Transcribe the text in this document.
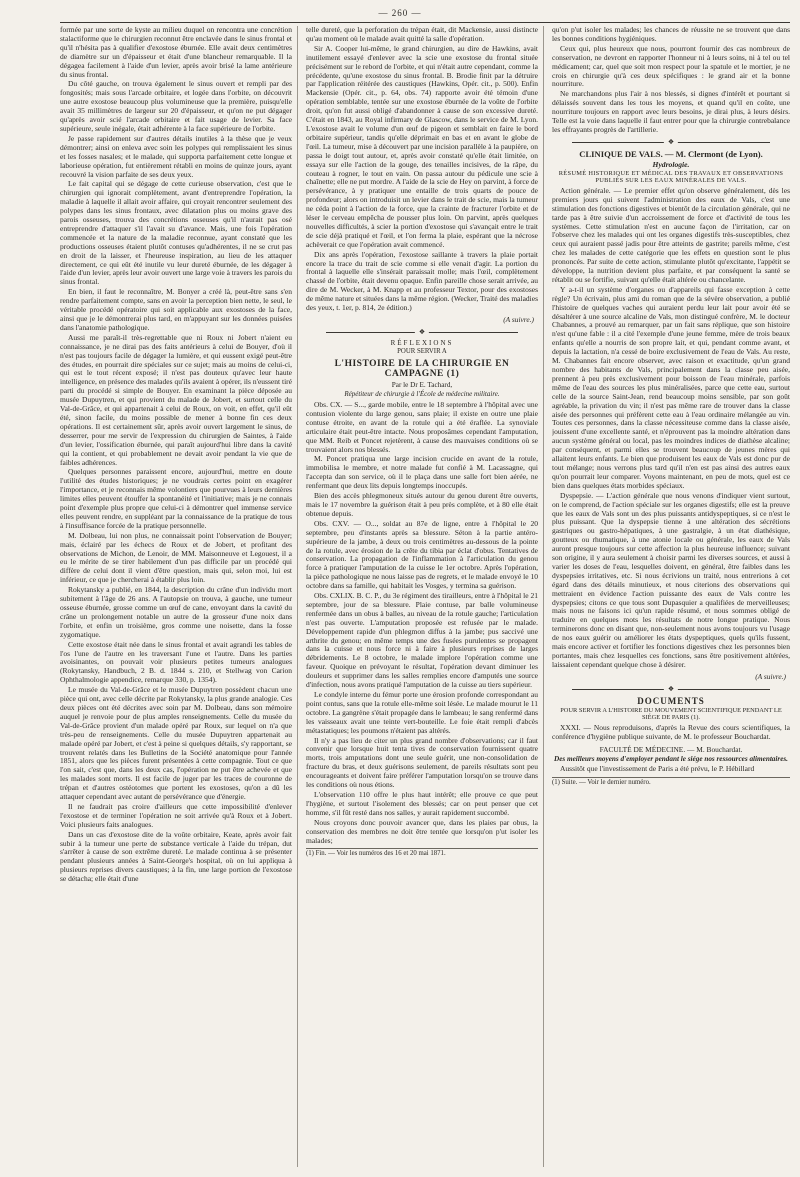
— 260 —

formée par une sorte de kyste au milieu duquel on rencontra une concrétion stalactiforme que le chirurgien reconnut être enclavée dans le sinus frontal et qu'il n'hésita pas à qualifier d'exostose éburnée. Elle avait deux centimètres de diamètre sur un d'épaisseur et était d'une blancheur remarquable. Il la dégagea facilement à l'aide d'un levier, après avoir brisé la lame antérieure du sinus frontal.

Du côté gauche, on trouva également le sinus ouvert et rempli par des fongosités; mais sous l'arcade orbitaire, et logée dans l'orbite, on découvrit une autre exostose beaucoup plus volumineuse que la première, puisqu'elle avait 35 millimètres de largeur sur 20 d'épaisseur, et qu'on ne put dégager qu'après avoir scié l'arcade orbitaire et fait usage de levier. Sa face supérieure, seule inégale, était adhérente à la face supérieure de l'orbite.

Je passe rapidement sur d'autres détails inutiles à la thèse que je veux démontrer; ainsi on enleva avec soin les polypes qui remplissaient les sinus et les fosses nasales; et le malade, qui supporta parfaitement cette longue et laborieuse opération, fut entièrement rétabli en moins de quinze jours, ayant recouvré la vision parfaite de ses deux yeux.

Le fait capital qui se dégage de cette curieuse observation, c'est que le chirurgien qui ignorait complètement, avant d'entreprendre l'opération, la maladie à laquelle il allait avoir affaire, qui croyait rencontrer seulement des polypes dans les sinus frontaux, avec dilatation plus ou moins grave des parois osseuses, trouva des concrétions osseuses qu'il n'aurait pas osé entreprendre d'attaquer s'il l'avait su d'avance. Mais, une fois l'opération commencée et la nature de la maladie reconnue, ayant constaté que les productions osseuses étaient plutôt contuses qu'adhérentes, il ne se crut pas en droit de la laisser, et l'heureuse inspiration, au lieu de les attaquer directement, ce qui eût été inutile vu leur dureté éburnée, de les dégager à l'aide d'un levier, après leur avoir ouvert une large voie à travers les parois du sinus frontal.

En bien, il faut le reconnaître, M. Bonyer a créé là, peut-être sans s'en rendre parfaitement compte, sans en avoir la perception bien nette, le seul, le véritable procédé opératoire qui soit applicable aux exostoses de la face, ainsi que je le démontrerai plus tard, en m'appuyant sur les données puisées dans l'anatomie pathologique.

Aussi me paraît-il très-regrettable que ni Roux ni Jobert n'aient eu connaissance, je ne dirai pas des faits antérieurs à celui de Bouyer, d'où il n'est pas toujours facile de dégager la lumière, et qui eussent exigé peut-être des études, en pourrait dire spéciales sur ce sujet; mais au moins de celui-ci, qui est le tout récent exposé; il n'est pas douteux qu'avec leur haute intelligence, en présence des malades qu'ils avaient à opérer, ils n'eussent tiré parti du procédé si simple de Bouyer. En examinant la pièce déposée au musée Dupuytren, et qui provient du malade de Jobert, et surtout celle du Val-de-Grâce, et qui appartenait à celui de Roux, on voit, en effet, qu'il eût été, sinon facile, du moins possible de mener à bonne fin ces deux opérations. Il est certainement sûr, après avoir ouvert largement le sinus, de desserrer, pour me servir de l'expression du chirurgien de Saintes, à l'aide d'un levier, l'ossification éburnée, qui paraît aujourd'hui libre dans la cavité qui la contient, et qui probablement ne devait avoir pendant la vie que de faibles adhérences.

Quelques personnes paraissent encore, aujourd'hui, mettre en doute l'utilité des études historiques; je ne voudrais certes point en exagérer l'importance, et je reconnais même volontiers que pourvues à leurs dernières limites elles peuvent étouffer la spontanéité et l'initiative; mais je ne connais point d'exemple plus propre que celui-ci à démontrer quel immense service elles peuvent rendre, en suppléant par la connaissance de la pratique de tous à l'insuffisance forcée de la pratique personnelle.

M. Dolbeau, lui non plus, ne connaissait point l'observation de Bouyer; mais, éclairé par les échecs de Roux et de Jobert, et profitant des observations de Michon, de Lenoir, de MM. Maisonneuve et Legouest, il a eu le mérite de se tirer habilement d'un pas difficile par un procédé qui diffère de celui dont il vient d'être question, mais qui, selon moi, lui est inférieur, ce que je chercherai à établir plus loin.

Rokytansky a publié, en 1844, la description du crâne d'un individu mort subitement à l'âge de 26 ans. A l'autopsie on trouva, à gauche, une tumeur osseuse éburnée, grosse comme un œuf de cane, envoyant dans la cavité du crâne un prolongement notable un autre de la grosseur d'une noix dans l'orbite, et enfin un troisième, gros comme une noisette, dans la fosse zygomatique.

Cette exostose était née dans le sinus frontal et avait agrandi les tables de l'os l'une de l'autre en les traversant l'une et l'autre. Dans les parties avoisinantes, on pouvait voir plusieurs petites tumeurs analogues (Rokytansky, Handbuch, 2 B. d. 1844 s. 210, et Stellwag von Carion Ophthalmologie appendice, remarque 330, p. 1354).

Le musée du Val-de-Grâce et le musée Dupuytren possèdent chacun une pièce qui ont, avec celle décrite par Rokytansky, la plus grande analogie. Ces deux pièces ont été décrites avec soin par M. Dolbeau, dans son mémoire auquel je renvoie pour de plus amples renseignements. Celle du musée du Val-de-Grâce provient d'un malade opéré par Roux, sur lequel on n'a que très-peu de renseignements. Celle du musée Dupuytren appartenait au malade opéré par Jobert, et c'est à peine si quelques détails, s'y rapportant, se trouvent relatés dans les Bulletins de la Société anatomique pour l'année 1851, alors que les pièces furent présentées à cette compagnie. Tout ce que l'on sait, c'est que, dans les deux cas, l'opération ne put être achevée et que les malades sont morts. Il est facile de juger par les traces de couronne de trépan et d'autres ostéotomes que portent les exostoses, qu'on a dû les attaquer cependant avec autant de persévérance que d'énergie.

Il ne faudrait pas croire d'ailleurs que cette impossibilité d'enlever l'exostose et de terminer l'opération ne soit arrivée qu'à Roux et à Jobert. Voici plusieurs faits analogues.

Dans un cas d'exostose dite de la voûte orbitaire, Keate, après avoir fait subir à la tumeur une perte de substance verticale à l'aide du trépan, dut s'arrêter à cause de son extrême dureté. Le malade continua à se présenter pendant plusieurs années à Saint-George's hospital, où on lui appliqua à plusieurs reprises divers caustiques; à la fin, une large portion de l'exostose se détacha; elle était d'une

telle dureté, que la perforation du trépan était, dit Mackensie, aussi distincte qu'au moment où le malade avait quitté la salle d'opération.

Sir A. Cooper lui-même, le grand chirurgien, au dire de Hawkins, avait inutilement essayé d'enlever avec la scie une exostose du frontal située précisément sur le rebord de l'orbite, et qui n'était autre cependant, comme la précédente, qu'une exostose du sinus frontal. B. Brodie finit par la détruire par l'application réitérée des caustiques (Hawkins, Opér. cit., p. 500). Enfin Mackensie (Opér. cit., p. 64, obs. 74) rapporte avoir été témoin d'une opération semblable, tentée sur une exostose éburnée de la voûte de l'orbite droit, qu'on fut aussi obligé d'abandonner à cause de son excessive dureté. C'était en 1843, au Royal infirmary de Glascow, dans le service de M. Lyon. L'exostose avait le volume d'un œuf de pigeon et semblait en faire le bord orbitaire supérieur, tandis qu'elle déprimait en bas et en avant le globe de l'œil. La tumeur, mise à découvert par une incision parallèle à la paupière, on passa le doigt tout autour, et, après avoir constaté qu'elle était limitée, on essaya sur elle l'action de la gouge, des tenailles incisives, de la râpe, du couteau à rogner, le tout en vain. On passa autour du pédicule une scie à chaînette; elle ne put mordre. A l'aide de la scie de Hey on parvint, à force de persévérance, à y pratiquer une entaille de trois quarts de pouce de profondeur; alors on introduisit un levier dans le trait de scie, mais la tumeur ne céda point à l'action de la force, que la crainte de fracturer l'orbite et de léser le cerveau empêcha de pousser plus loin. On parvint, après quelques nouvelles difficultés, à scier la portion d'exostose qui s'avançait entre le trait de scie déjà pratiqué et l'œil, et l'on ferma la plaie, espérant que la nécrose achèverait ce que l'opération avait commencé.

Dix ans après l'opération, l'exostose saillante à travers la plaie portait encore la trace du trait de scie comme si elle venait d'agir. La portion du frontal à laquelle elle s'insérait paraissait molle; mais l'œil, complètement chassé de l'orbite, était devenu opaque. Enfin pareille chose serait arrivée, au dire de M. Wecker, à M. Knapp et au professeur Textor, pour des exostoses de même nature et situées dans la même région. (Wecker, Traité des maladies des yeux, t. 1er, p. 814, 2e édition.)

(A suivre.)
❖
RÉFLEXIONS
POUR SERVIR A
L'HISTOIRE DE LA CHIRURGIE EN CAMPAGNE (1)
Par le Dr E. Tachard,
Répétiteur de chirurgie à l'École de médecine militaire.

Obs. CX. — S..., garde mobile, entre le 18 septembre à l'hôpital avec une contusion violente du large genou, sans plaie; il existe en outre une plaie contuse étroite, en avant de la rotule qui a été éraflée. La synoviale articulaire était peut-être intacte. Nous proposâmes cependant l'amputation, que MM. Reib et Poncet rejetèrent, à cause des mauvaises conditions où se trouvaient alors nos blessés.

M. Poncet pratiqua une large incision crucide en avant de la rotule, immobilisa le membre, et notre malade fut confié à M. Lacassagne, qui l'accepta dan son service, où il le plaça dans une salle fort bien aérée, ne renfermant que deux lits depuis longtemps inoccupés.

Bien des accès phlegmoneux situés autour du genou durent être ouverts, mais le 17 novembre la guérison était à peu près complète, et à 80 elle était obtenue depuis.

Obs. CXV. — O..., soldat au 87e de ligne, entre à l'hôpital le 20 septembre, peu d'instants après sa blessure. Séton à la partie antéro-supérieure de la jambe, à deux ou trois centimètres au-dessous de la pointe de la rotule, avec érosion de la crête du tibia par éclat d'obus. Tentatives de conservation. La propagation de l'inflammation à l'articulation du genou force à pratiquer l'amputation de la cuisse le 1er octobre. Après l'opération, la pièce pathologique ne nous laisse pas de regrets, et le malade envoyé le 10 octobre dans sa famille, qui habitait les Vosges, y termina sa guérison.

Obs. CXLIX. B. C. P., du 3e régiment des tirailleurs, entre à l'hôpital le 21 septembre, jour de sa blessure. Plaie contuse, par balle volumineuse renfermée dans un obus à balles, au niveau de la rotule gauche; l'articulation n'est pas ouverte. L'amputation proposée est refusée par le malade. Développement rapide d'un phlegmon diffus à la jambe; pus saccivé une arthrite du genou; en même temps une des fusées purulentes se propagent dans la cuisse et nous force ni à faire à plusieurs reprises de larges débridements. Le 8 octobre, le malade implore l'opération comme une faveur. Quoique en prévoyant le résultat, l'opération devant diminuer les douleurs et supprimer dans les salles remplies encore d'amputés une source d'infection, nous avons pratiqué l'amputation de la cuisse au tiers supérieur.

Le condyle interne du fémur porte une érosion profonde correspondant au point contus, sans que la rotule elle-même soit lésée. Le malade mourut le 11 octobre. La gangrène s'était propagée dans le lambeau; le sang renfermé dans les vaisseaux avait une teinte vert-bouteille. Le foie était rempli d'abcès métastatiques; les poumons n'étaient pas altérés.

Il n'y a pas lieu de citer un plus grand nombre d'observations; car il faut convenir que lorsque huit tenta tives de conservation fournissent quatre morts, trois amputations dont une seule guérit, une non-consolidation de fracture du bras, et deux guérisons seulement, de pareils résultats sont peu encourageants et doivent faire préférer l'amputation lorsqu'on se trouve dans les conditions où nous étions.

L'observation 110 offre le plus haut intérêt; elle prouve ce que peut l'hygiène, et surtout l'isolement des blessés; car on peut penser que cet homme, s'il fût resté dans nos salles, y aurait rapidement succombé.

Nous croyons donc pouvoir avancer que, dans les plaies par obus, la conservation des membres ne doit être tentée que lorsqu'on p'ut isoler les malades;

(1) Fin. — Voir les numéros des 16 et 20 mai 1871.

qu'on p'ut isoler les malades; les chances de réussite ne se trouvent que dans les bonnes conditions hygiéniques.

Ceux qui, plus heureux que nous, pourront fournir des cas nombreux de conservation, ne devront en rapporter l'honneur ni à leurs soins, ni à tel ou tel médicament; car, quel que soit mon respect pour la spatule et le mortier, je ne crois en chirurgie qu'à ces deux spécifiques : le grand air et la bonne nourriture.

Ne marchandons plus l'air à nos blessés, si dignes d'intérêt et pourtant si délaissés souvent dans les tous les moyens, et quand qu'il en coûte, une nourriture toujours en rapport avec leurs besoins, je dirai plus, à leurs désirs. Telle est la voie dans laquelle il faut entrer pour que la chirurgie contrebalance les effrayants progrès de l'artillerie.

❖
CLINIQUE DE VALS. — M. Clermont (de Lyon).
Hydrologie.
RÉSUMÉ HISTORIQUE ET MÉDICAL DES TRAVAUX ET OBSERVATIONS PUBLIÉS SUR LES EAUX MINÉRALES DE VALS.

Action générale. — Le premier effet qu'on observe généralement, dès les premiers jours qui suivent l'administration des eaux de Vals, c'est une stimulation des fonctions digestives et bientôt de la circulation générale, qui ne tarde pas à être suivie d'un accroissement de force et d'activité de tous les systèmes. Cette stimulation n'est en aucune façon de l'irritation, car on l'observe chez les malades qui ont les organes digestifs très-susceptibles, chez ceux qui auraient passé jadis pour être atteints de gastrite; pareils même, c'est chez les malades de cette catégorie que les effets en question sont le plus prononcés. Par suite de cette action, stimulante plutôt qu'excitante, l'appétit se développe, la nutrition devient plus parfaite, et par conséquent la santé se rétablit ou se fortifie, suivant qu'elle était altérée ou chancelante.

Y a-t-il un système d'organes ou d'appareils qui fasse exception à cette règle? Un écrivain, plus ami du roman que de la sévère observation, a publié l'histoire de quelques vaches qui auraient perdu leur lait pour avoir été se désaltérer à une source alcaline de Vals, mon distingué confrère, M. le docteur Chabannes, a prouvé au remarquer, par un fait sans réplique, que son histoire n'est qu'une fable : il a cité l'exemple d'une jeune femme, mère de trois beaux enfants qu'elle a nourris de son propre lait, et qui, pendant comme avant, et depuis la lactation, n'a cessé de boire exclusivement de l'eau de Vals. Au reste, M. Chabannes fait encore observer, avec raison et exactitude, qu'un grand nombre des habitants de Vals, principalement dans la classe peu aisée, prennent à peu près exclusivement pour boisson de l'eau minérale, parfois même de l'eau des sources les plus minéralisées, parce que cette eau, surtout celle de la source Saint-Jean, rend beaucoup moins sensible, par son goût agréable, la privation du vin; il n'est pas même rare de trouver dans la classe aisée des personnes qui préfèrent cette eau à l'eau ordinaire mélangée au vin. Toutes ces personnes, dans la classe nécessiteuse comme dans la classe aisée, jouissent d'une excellente santé, et n'éprouvent pas la moindre altération dans aucun système général ou local, pas les moindres indices de diathèse alcaline; par conséquent, et parmi elles se trouvent beaucoup de jeunes mères qui allaitent leurs enfants. Le bien que produisent les eaux de Vals est donc pur de tout mélange; nous verrons plus tard qu'il n'en est pas ainsi des autres eaux qu'on pourrait leur comparer. Voyons maintenant, en peu de mots, quel est ce bien dans quelques états morbides spéciaux.

Dyspepsie. — L'action générale que nous venons d'indiquer vient surtout, on le comprend, de l'action spéciale sur les organes digestifs; elle est la preuve que les eaux de Vals sont un des plus puissants antidyspeptiques, si ce n'est le plus puissant. Que la dyspepsie tienne à une altération des sécrétions gastriques ou gastro-hépatiques, à une gastralgie, à un état diathésique, goutteux ou rhumatique, à une atonie locale ou générale, les eaux de Vals auront presque toujours sur cette affection la plus heureuse influence; suivant son origine, il y aura seulement à choisir parmi les diverses sources, et aussi à varier les doses de l'eau, lesquelles doivent, en général, être faibles dans les dyspepsies irritatives, etc. Si nous écrivions un traité, nous entrerions à cet égard dans des détails minutieux, et nous citerions des observations qui mettraient en évidence l'action puissante des eaux de Vals contre les dyspepsies; citons ce que tous sont Dupasquier a qualifiées de merveilleuses; mais nous ne faisons ici qu'un rapide résumé, et nous sommes obligé de traduire en quelques mots les résultats de notre longue pratique. Nous terminerons donc en disant que, non-seulement nous avons toujours vu l'usage de nos eaux guérir ou améliorer les états dyspeptiques, quels qu'ils fussent, mais encore activer et fortifier les fonctions digestives chez les personnes bien portantes, mais chez lesquelles ces fonctions, sans être positivement altérées, laissaient cependant quelque chose à désirer.

(A suivre.)
❖
DOCUMENTS
POUR SERVIR A L'HISTOIRE DU MOUVEMENT SCIENTIFIQUE PENDANT LE SIÉGE DE PARIS (1).

XXXI. — Nous reproduisons, d'après la Revue des cours scientifiques, la conférence d'hygiène publique suivante, de M. le professeur Bouchardat.

FACULTÉ DE MÉDECINE. — M. Bouchardat.
Des meilleurs moyens d'employer pendant le siége nos ressources alimentaires.

Aussitôt que l'investissement de Paris a été prévu, le P. Hébillard

(1) Suite. — Voir le dernier numéro.
